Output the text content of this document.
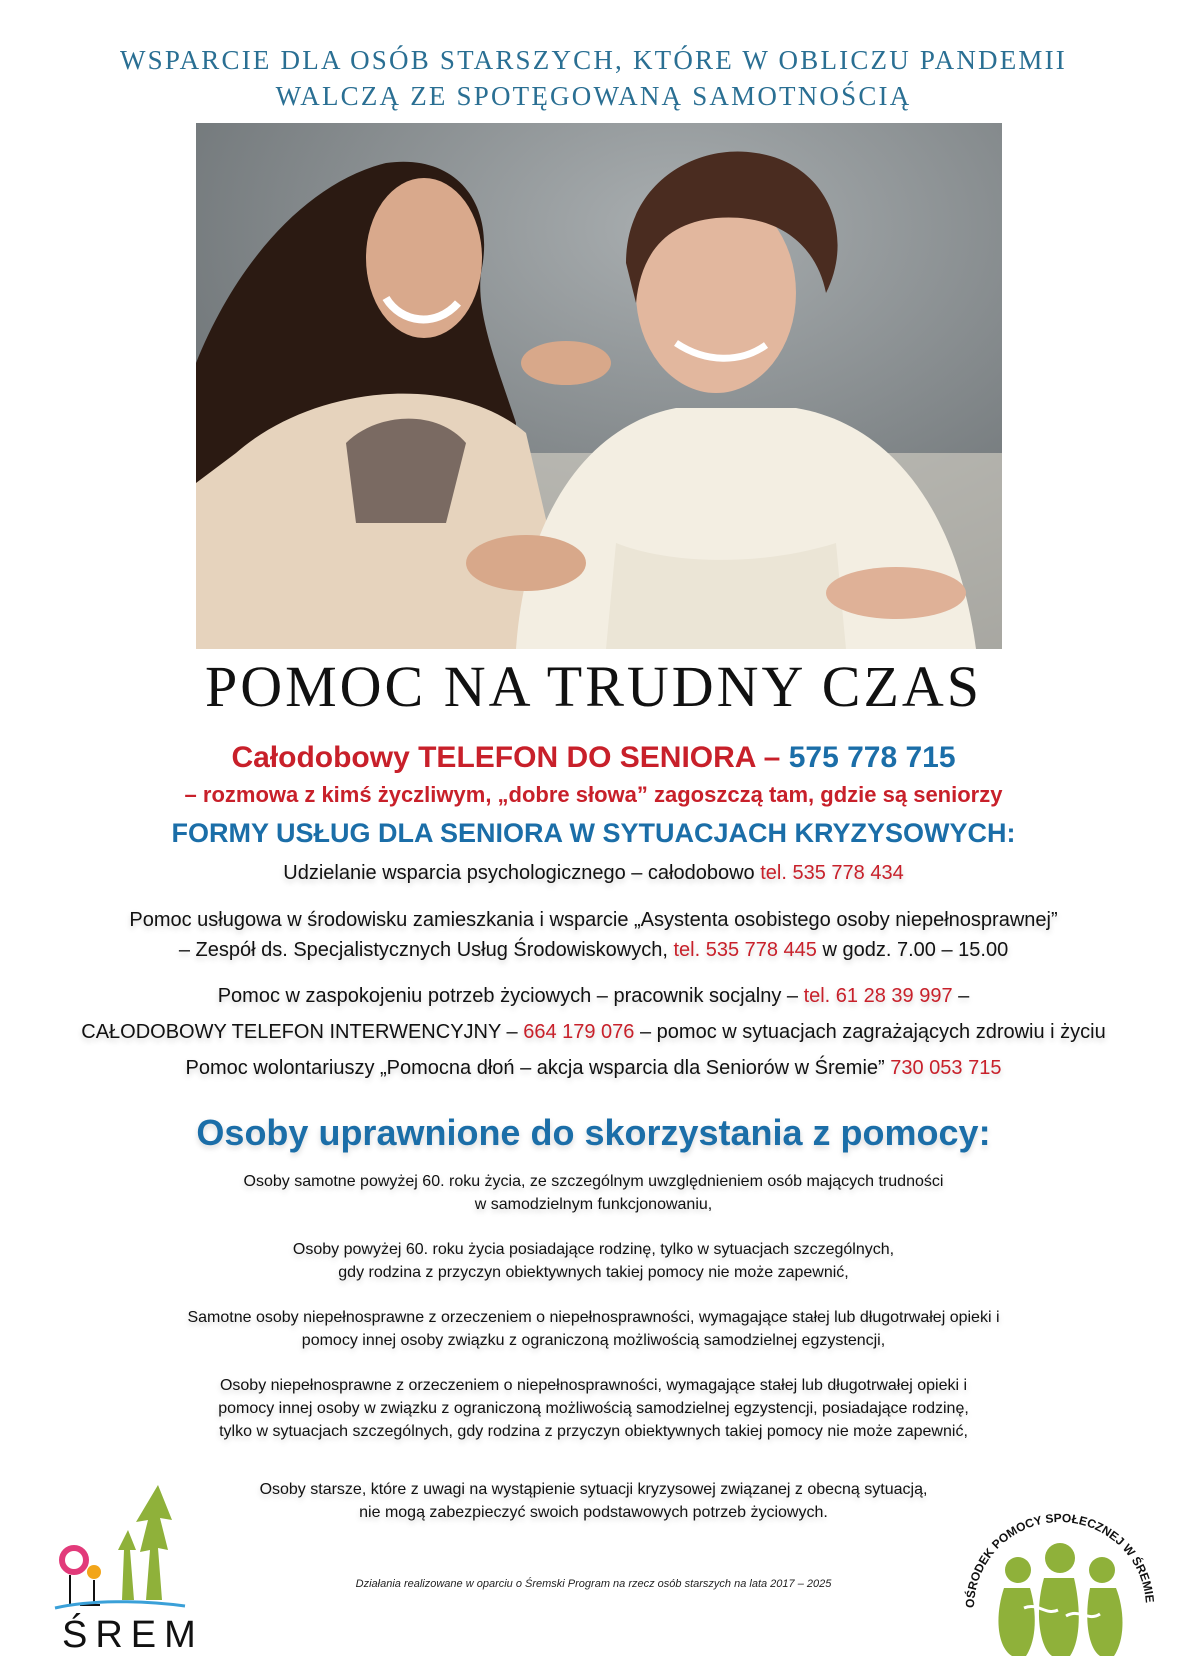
WSPARCIE DLA OSÓB STARSZYCH, KTÓRE W OBLICZU PANDEMII
WALCZĄ ZE SPOTĘGOWANĄ SAMOTNOŚCIĄ
POMOC NA TRUDNY CZAS
Całodobowy TELEFON DO SENIORA – 575 778 715
– rozmowa z kimś życzliwym, „dobre słowa” zagoszczą tam, gdzie są seniorzy
FORMY USŁUG DLA SENIORA W SYTUACJACH KRYZYSOWYCH:
Udzielanie wsparcia psychologicznego – całodobowo tel. 535 778 434
Pomoc usługowa w środowisku zamieszkania i wsparcie „Asystenta osobistego osoby niepełnosprawnej”
– Zespół ds. Specjalistycznych Usług Środowiskowych, tel. 535 778 445 w godz. 7.00 – 15.00
Pomoc w zaspokojeniu potrzeb życiowych – pracownik socjalny – tel. 61 28 39 997 –
CAŁODOBOWY TELEFON INTERWENCYJNY – 664 179 076 – pomoc w sytuacjach zagrażających zdrowiu i życiu
Pomoc wolontariuszy „Pomocna dłoń – akcja wsparcia dla Seniorów w Śremie” 730 053 715
Osoby uprawnione do skorzystania z pomocy:
Osoby samotne powyżej 60. roku życia, ze szczególnym uwzględnieniem osób mających trudności
w samodzielnym funkcjonowaniu,
Osoby powyżej 60. roku życia posiadające rodzinę, tylko w sytuacjach szczególnych,
gdy rodzina z przyczyn obiektywnych takiej pomocy nie może zapewnić,
Samotne osoby niepełnosprawne z orzeczeniem o niepełnosprawności, wymagające stałej lub długotrwałej opieki i
pomocy innej osoby związku z ograniczoną możliwością samodzielnej egzystencji,
Osoby niepełnosprawne z orzeczeniem o niepełnosprawności, wymagające stałej lub długotrwałej opieki i
pomocy innej osoby w związku z ograniczoną możliwością samodzielnej egzystencji, posiadające rodzinę,
tylko w sytuacjach szczególnych, gdy rodzina z przyczyn obiektywnych takiej pomocy nie może zapewnić,
Osoby starsze, które z uwagi na wystąpienie sytuacji kryzysowej związanej z obecną sytuacją,
nie mogą zabezpieczyć swoich podstawowych potrzeb życiowych.
Działania realizowane w oparciu o Śremski Program na rzecz osób starszych na lata 2017 – 2025
ŚREM
OŚRODEK POMOCY SPOŁECZNEJ W ŚREMIE
